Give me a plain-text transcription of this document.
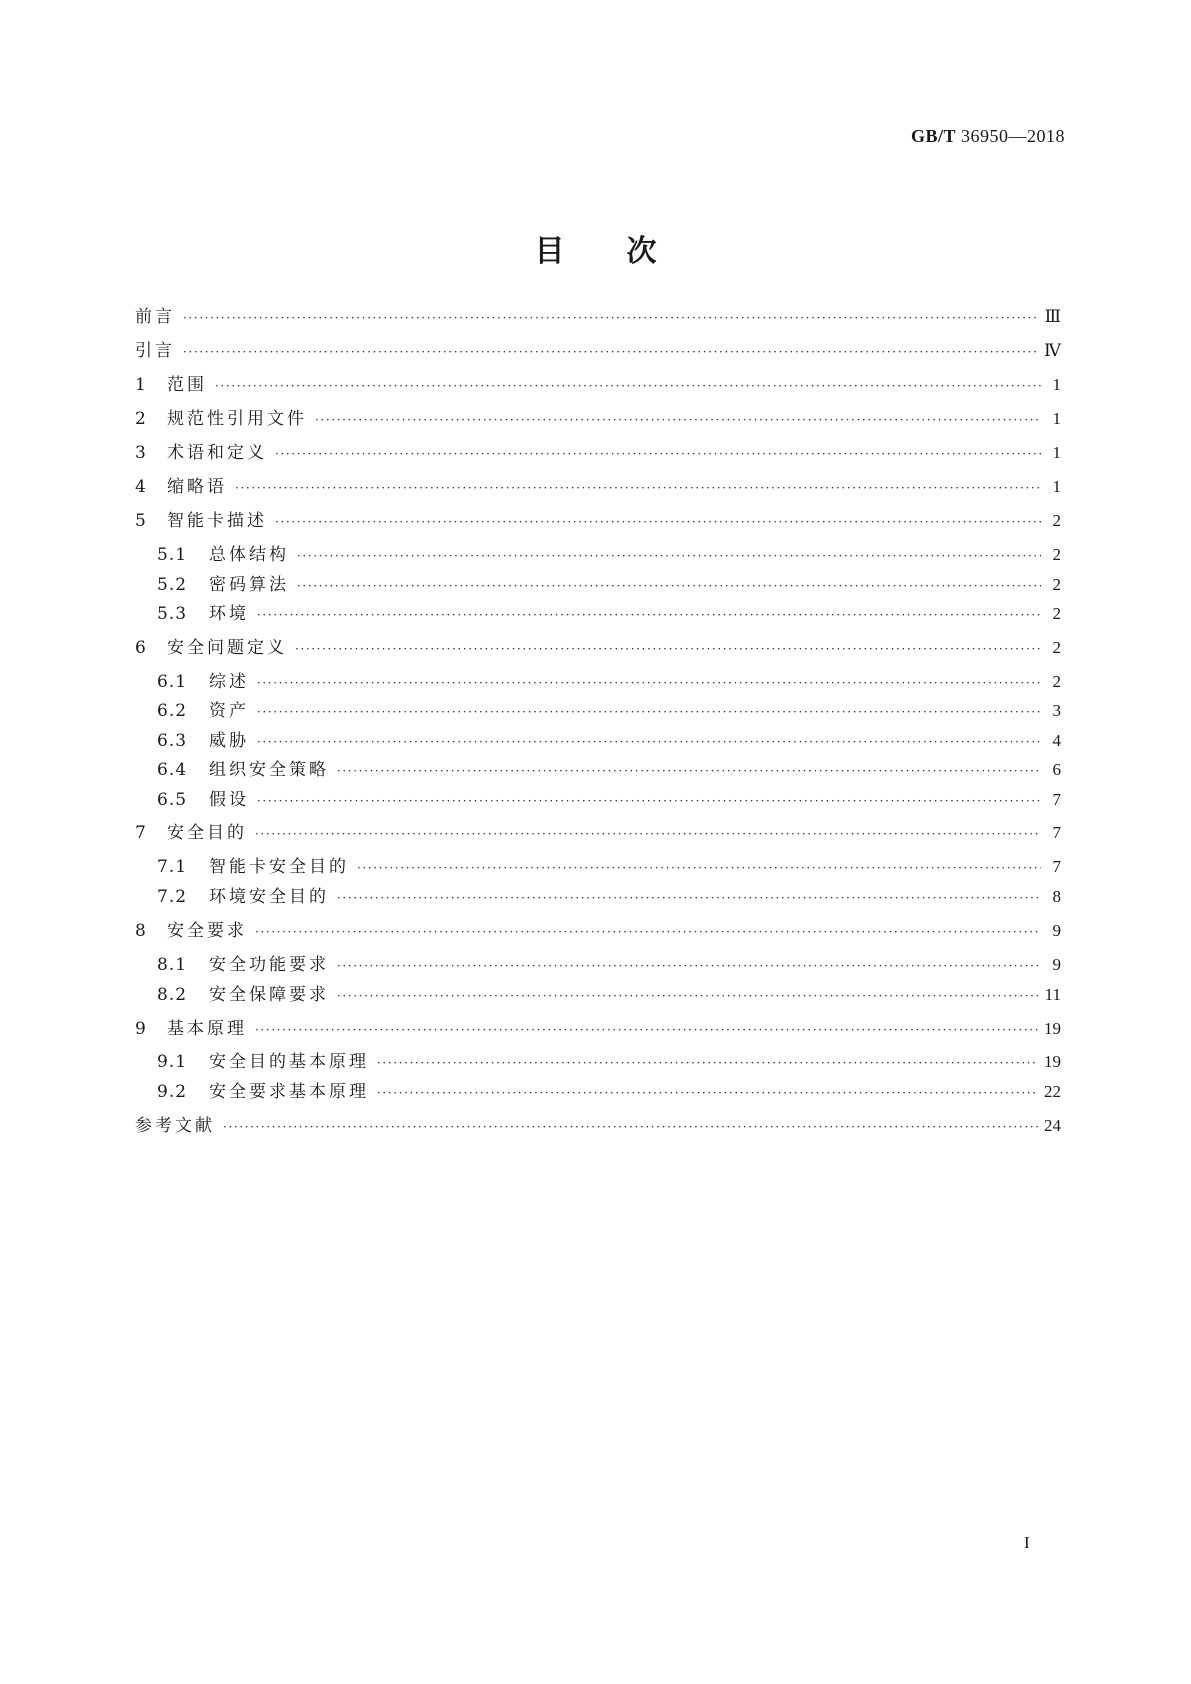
GB/T 36950—2018
目次
前言 ·····	Ⅲ
引言 ·····	Ⅳ
1	范围 ·····	1
2	规范性引用文件 ·····	1
3	术语和定义 ·····	1
4	缩略语 ·····	1
5	智能卡描述 ·····	2
5.1	总体结构 ·····	2
5.2	密码算法 ·····	2
5.3	环境 ·····	2
6	安全问题定义 ·····	2
6.1	综述 ·····	2
6.2	资产 ·····	3
6.3	威胁 ·····	4
6.4	组织安全策略 ·····	6
6.5	假设 ·····	7
7	安全目的 ·····	7
7.1	智能卡安全目的 ·····	7
7.2	环境安全目的 ·····	8
8	安全要求 ·····	9
8.1	安全功能要求 ·····	9
8.2	安全保障要求 ·····	11
9	基本原理 ·····	19
9.1	安全目的基本原理 ·····	19
9.2	安全要求基本原理 ·····	22
参考文献 ·····	24
I
